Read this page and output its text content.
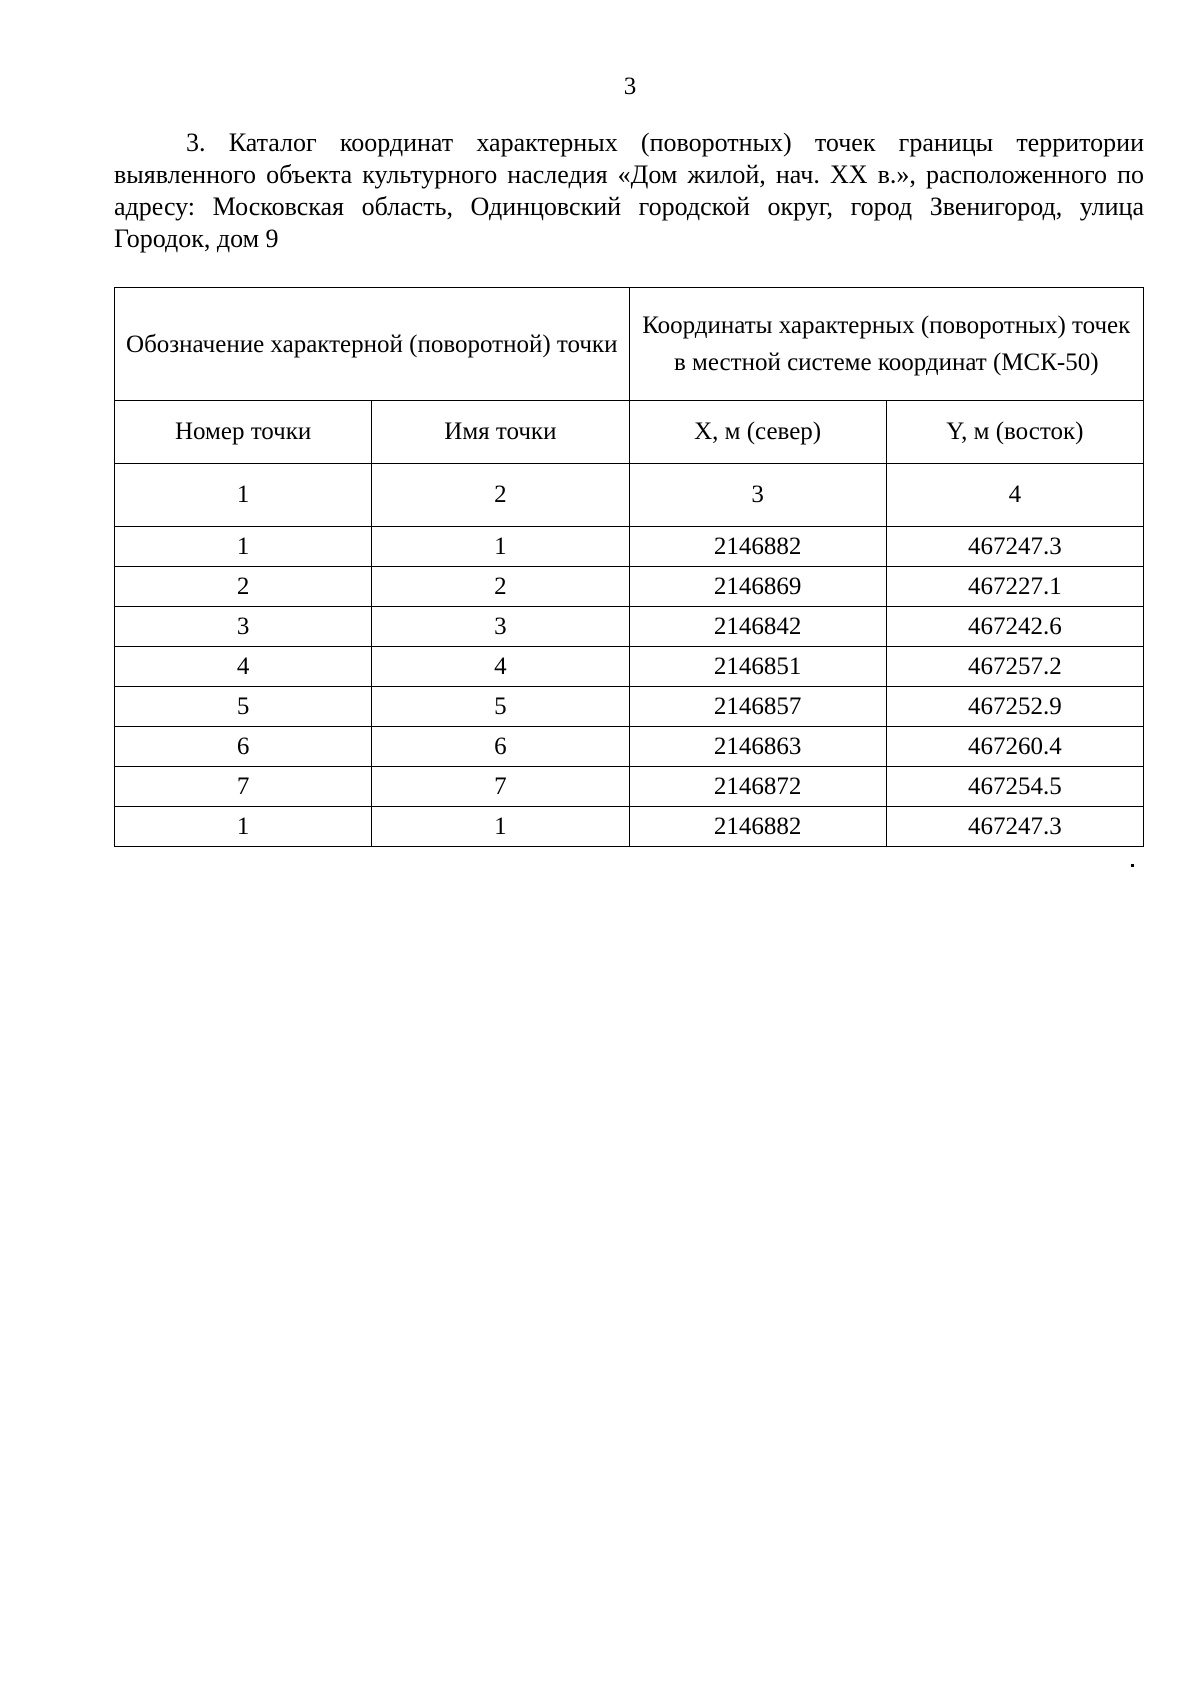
3
3. Каталог координат характерных (поворотных) точек границы территории выявленного объекта культурного наследия «Дом жилой, нач. XX в.», расположенного по адресу: Московская область, Одинцовский городской округ, город Звенигород, улица Городок, дом 9
Обозначение характерной (поворотной) точки		Координаты характерных (поворотных) точек в местной системе координат (МСК-50)	
Номер точки	Имя точки	X, м (север)	Y, м (восток)
1	2	3	4
1	1	2146882	467247.3
2	2	2146869	467227.1
3	3	2146842	467242.6
4	4	2146851	467257.2
5	5	2146857	467252.9
6	6	2146863	467260.4
7	7	2146872	467254.5
1	1	2146882	467247.3
